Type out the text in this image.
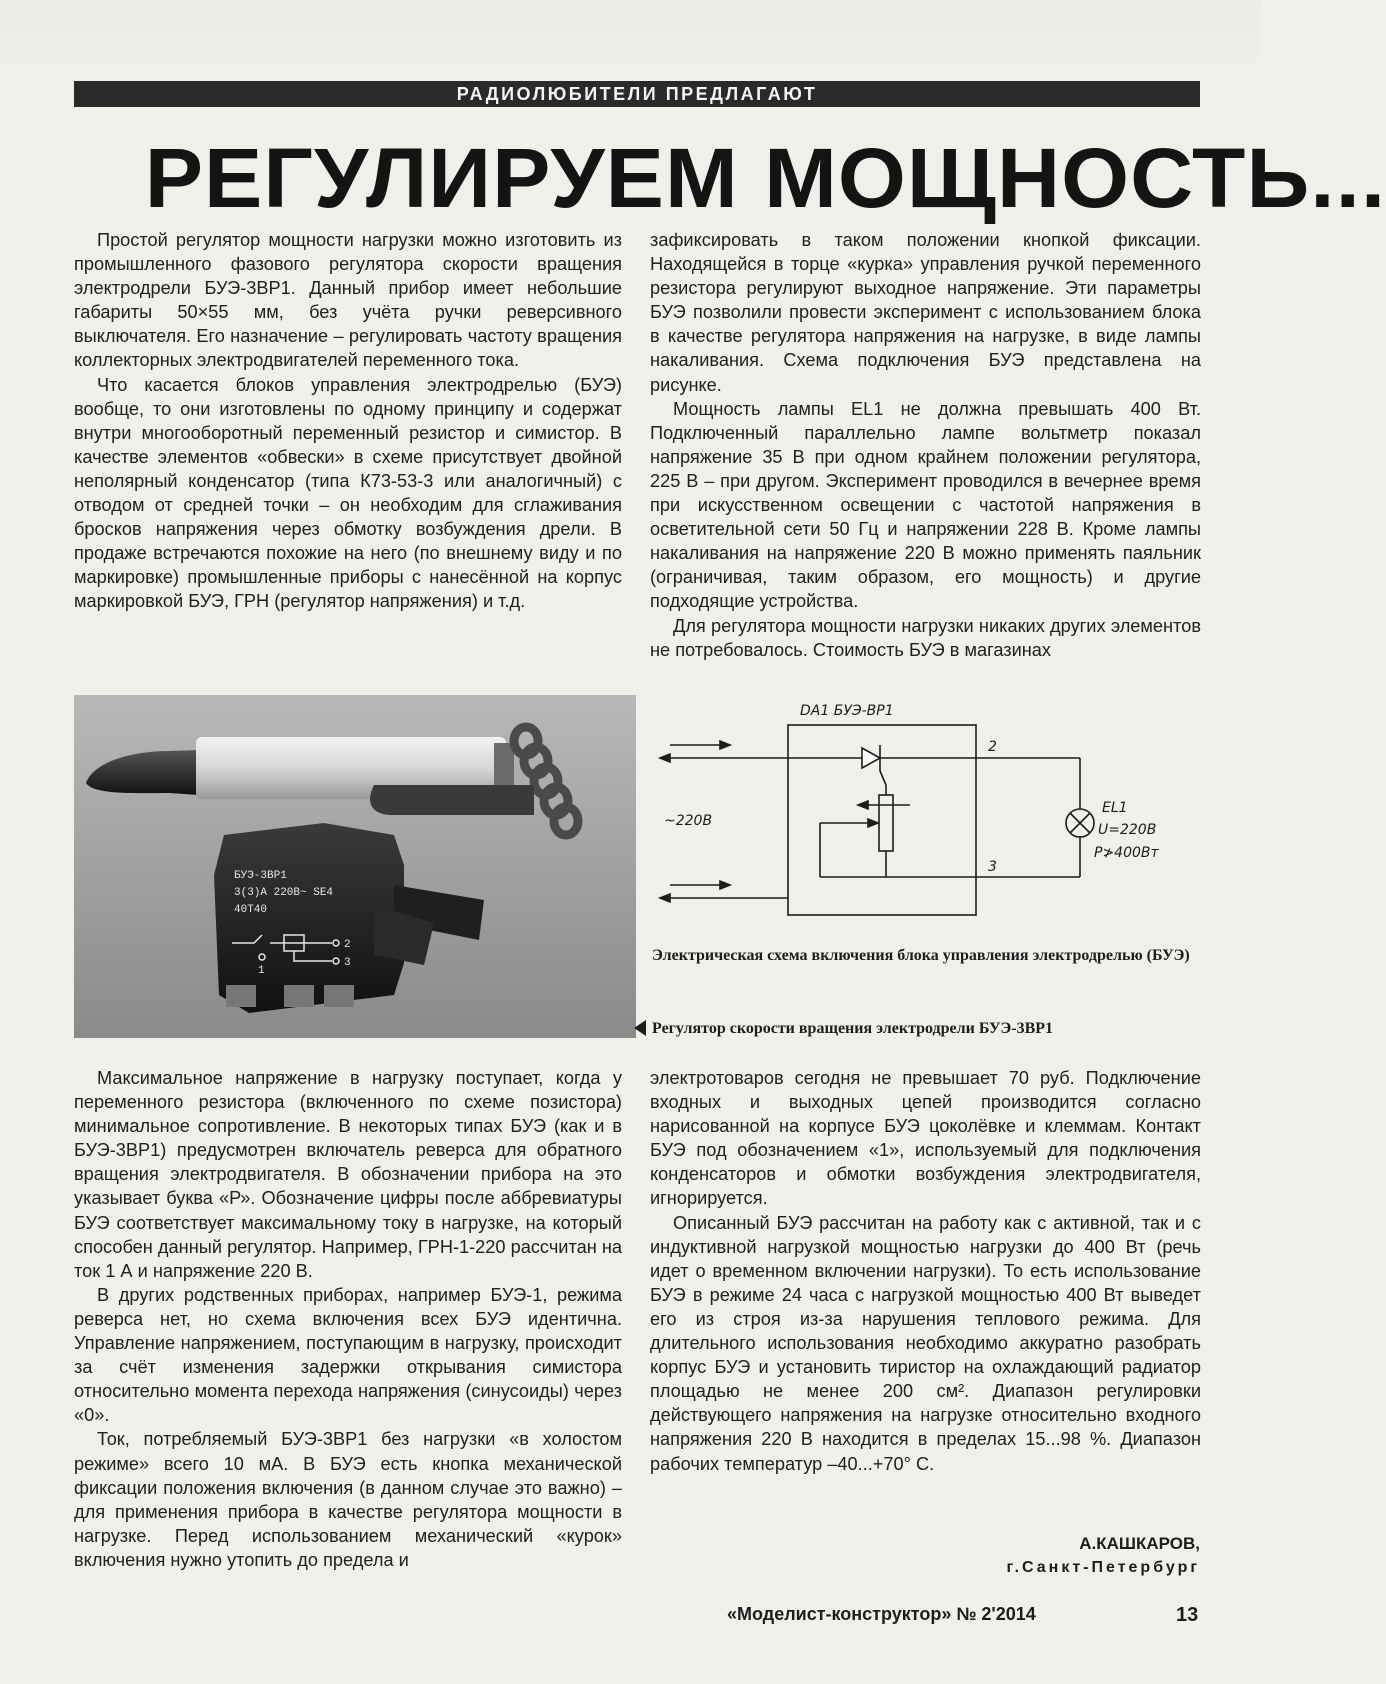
РАДИОЛЮБИТЕЛИ ПРЕДЛАГАЮТ
РЕГУЛИРУЕМ МОЩНОСТЬ...

Простой регулятор мощности нагрузки можно изготовить из промышленного фазового регулятора скорости вращения электродрели БУЭ-3ВР1. Данный прибор имеет небольшие габариты 50×55 мм, без учёта ручки реверсивного выключателя. Его назначение – регулировать частоту вращения коллекторных электродвигателей переменного тока.

Что касается блоков управления электродрелью (БУЭ) вообще, то они изготовлены по одному принципу и содержат внутри многооборотный переменный резистор и симистор. В качестве элементов «обвески» в схеме присутствует двойной неполярный конденсатор (типа К73-53-3 или аналогичный) с отводом от средней точки – он необходим для сглаживания бросков напряжения через обмотку возбуждения дрели. В продаже встречаются похожие на него (по внешнему виду и по маркировке) промышленные приборы с нанесённой на корпус маркировкой БУЭ, ГРН (регулятор напряжения) и т.д.

зафиксировать в таком положении кнопкой фиксации. Находящейся в торце «курка» управления ручкой переменного резистора регулируют выходное напряжение. Эти параметры БУЭ позволили провести эксперимент с использованием блока в качестве регулятора напряжения на нагрузке, в виде лампы накаливания. Схема подключения БУЭ представлена на рисунке.

Мощность лампы EL1 не должна превышать 400 Вт. Подключенный параллельно лампе вольтметр показал напряжение 35 В при одном крайнем положении регулятора, 225 В – при другом. Эксперимент проводился в вечернее время при искусственном освещении с частотой напряжения в осветительной сети 50 Гц и напряжении 228 В. Кроме лампы накаливания на напряжение 220 В можно применять паяльник (ограничивая, таким образом, его мощность) и другие подходящие устройства.

Для регулятора мощности нагрузки никаких других элементов не потребовалось. Стоимость БУЭ в магазинах

БУЭ-3ВР1
3(3)A 220В~ SE4
40Т40
2
3
1
DA1 БУЭ-ВР1
2
3
~220В
EL1
U=220В
P≯400Вт
Электрическая схема включения блока управления электродрелью (БУЭ)
Регулятор скорости вращения электродрели БУЭ-3ВР1

Максимальное напряжение в нагрузку поступает, когда у переменного резистора (включенного по схеме позистора) минимальное сопротивление. В некоторых типах БУЭ (как и в БУЭ-3ВР1) предусмотрен включатель реверса для обратного вращения электродвигателя. В обозначении прибора на это указывает буква «Р». Обозначение цифры после аббревиатуры БУЭ соответствует максимальному току в нагрузке, на который способен данный регулятор. Например, ГРН-1-220 рассчитан на ток 1 А и напряжение 220 В.

В других родственных приборах, например БУЭ-1, режима реверса нет, но схема включения всех БУЭ идентична. Управление напряжением, поступающим в нагрузку, происходит за счёт изменения задержки открывания симистора относительно момента перехода напряжения (синусоиды) через «0».

Ток, потребляемый БУЭ-3ВР1 без нагрузки «в холостом режиме» всего 10 мА. В БУЭ есть кнопка механической фиксации положения включения (в данном случае это важно) – для применения прибора в качестве регулятора мощности в нагрузке. Перед использованием механический «курок» включения нужно утопить до предела и

электротоваров сегодня не превышает 70 руб. Подключение входных и выходных цепей производится согласно нарисованной на корпусе БУЭ цоколёвке и клеммам. Контакт БУЭ под обозначением «1», используемый для подключения конденсаторов и обмотки возбуждения электродвигателя, игнорируется.

Описанный БУЭ рассчитан на работу как с активной, так и с индуктивной нагрузкой мощностью нагрузки до 400 Вт (речь идет о временном включении нагрузки). То есть использование БУЭ в режиме 24 часа с нагрузкой мощностью 400 Вт выведет его из строя из-за нарушения теплового режима. Для длительного использования необходимо аккуратно разобрать корпус БУЭ и установить тиристор на охлаждающий радиатор площадью не менее 200 см². Диапазон регулировки действующего напряжения на нагрузке относительно входного напряжения 220 В находится в пределах 15...98 %. Диапазон рабочих температур –40...+70° С.

А.КАШКАРОВ,
г.Санкт-Петербург
«Моделист-конструктор» № 2'2014	13
